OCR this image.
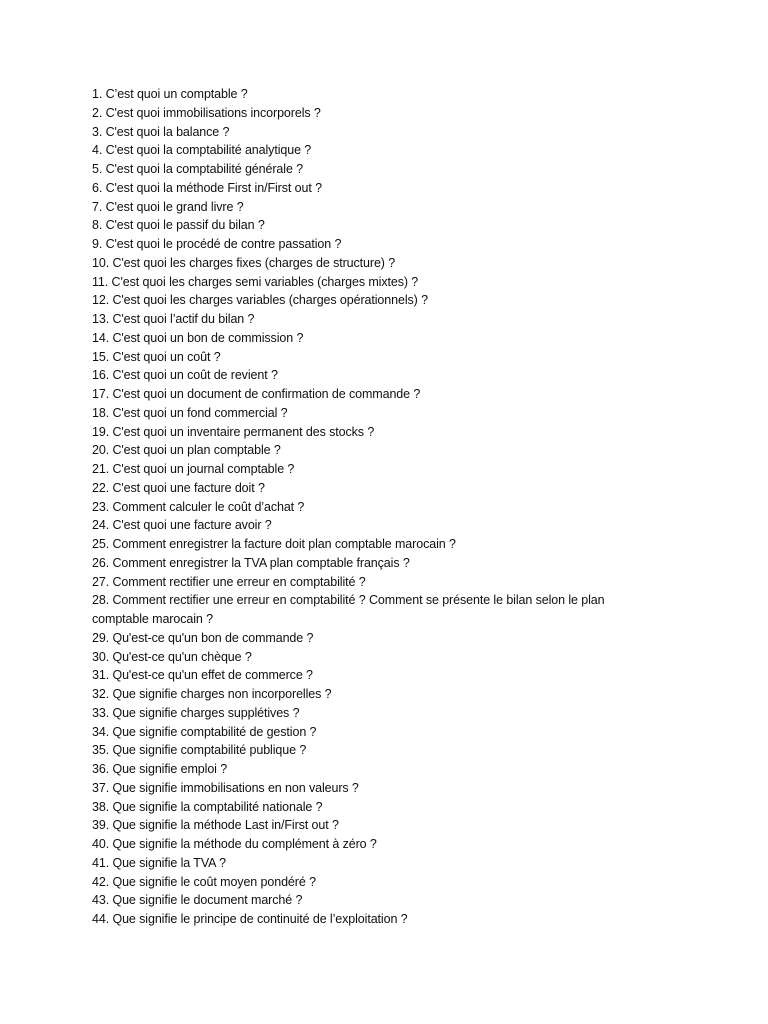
1. C’est quoi un comptable ?
2. C'est quoi immobilisations incorporels ?
3. C'est quoi la balance ?
4. C'est quoi la comptabilité analytique ?
5. C'est quoi la comptabilité générale ?
6. C'est quoi la méthode First in/First out ?
7. C'est quoi le grand livre ?
8. C'est quoi le passif du bilan ?
9. C'est quoi le procédé de contre passation ?
10. C'est quoi les charges fixes (charges de structure) ?
11. C'est quoi les charges semi variables (charges mixtes) ?
12. C'est quoi les charges variables (charges opérationnels) ?
13. C'est quoi l’actif du bilan ?
14. C'est quoi un bon de commission ?
15. C'est quoi un coût ?
16. C'est quoi un coût de revient ?
17. C'est quoi un document de confirmation de commande ?
18. C'est quoi un fond commercial ?
19. C'est quoi un inventaire permanent des stocks ?
20. C'est quoi un plan comptable ?
21. C'est quoi un journal comptable ?
22. C'est quoi une facture doit ?
23. Comment calculer le coût d’achat ?
24. C'est quoi une facture avoir ?
25. Comment enregistrer la facture doit plan comptable marocain ?
26. Comment enregistrer la TVA plan comptable français ?
27. Comment rectifier une erreur en comptabilité ?
28. Comment rectifier une erreur en comptabilité ? Comment se présente le bilan selon le plan comptable marocain ?
29. Qu'est-ce qu'un bon de commande ?
30. Qu'est-ce qu'un chèque ?
31. Qu'est-ce qu'un effet de commerce ?
32. Que signifie charges non incorporelles ?
33. Que signifie charges supplétives ?
34. Que signifie comptabilité de gestion ?
35. Que signifie comptabilité publique ?
36. Que signifie emploi ?
37. Que signifie immobilisations en non valeurs ?
38. Que signifie la comptabilité nationale ?
39. Que signifie la méthode Last in/First out ?
40. Que signifie la méthode du complément à zéro ?
41. Que signifie la TVA ?
42. Que signifie le coût moyen pondéré ?
43. Que signifie le document marché ?
44. Que signifie le principe de continuité de l’exploitation ?
